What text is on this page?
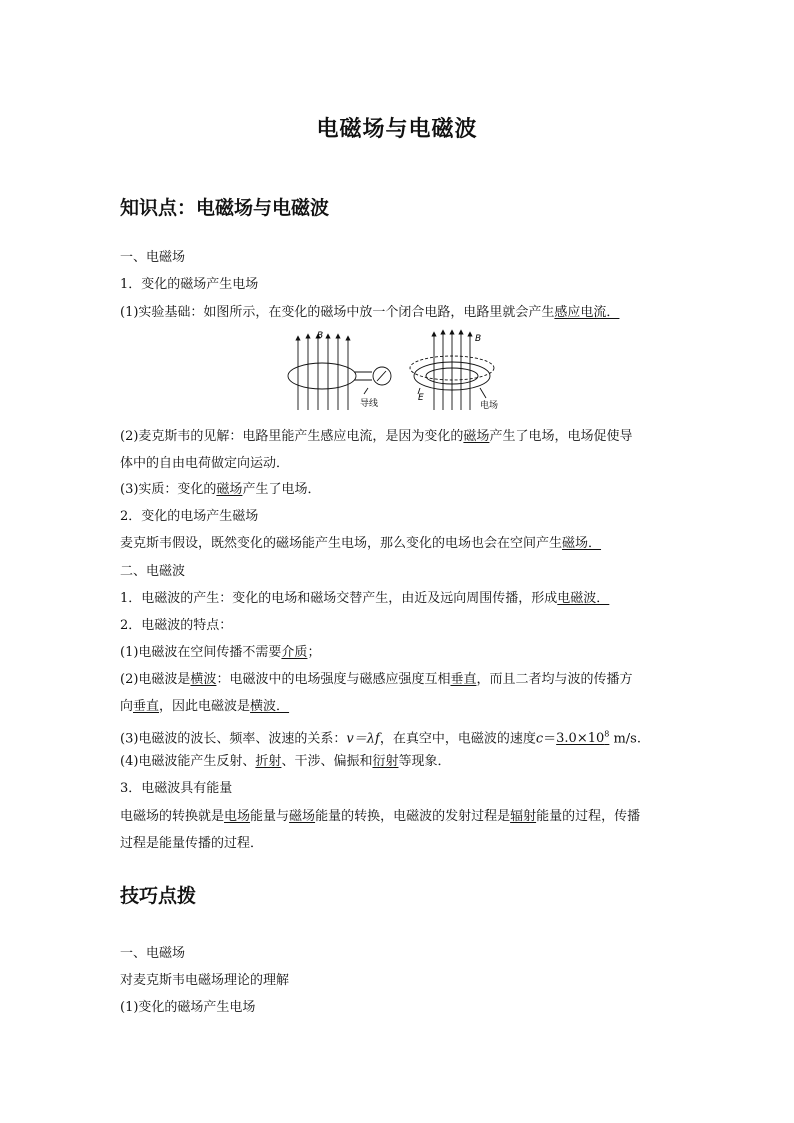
电磁场与电磁波
知识点：电磁场与电磁波
一、电磁场
1．变化的磁场产生电场
(1)实验基础：如图所示，在变化的磁场中放一个闭合电路，电路里就会产生感应电流．
B
导线
B
E
电场
(2)麦克斯韦的见解：电路里能产生感应电流，是因为变化的磁场产生了电场，电场促使导
体中的自由电荷做定向运动．
(3)实质：变化的磁场产生了电场．
2．变化的电场产生磁场
麦克斯韦假设，既然变化的磁场能产生电场，那么变化的电场也会在空间产生磁场．
二、电磁波
1．电磁波的产生：变化的电场和磁场交替产生，由近及远向周围传播，形成电磁波．
2．电磁波的特点：
(1)电磁波在空间传播不需要介质；
(2)电磁波是横波：电磁波中的电场强度与磁感应强度互相垂直，而且二者均与波的传播方
向垂直，因此电磁波是横波．
(3)电磁波的波长、频率、波速的关系：v＝λf，在真空中，电磁波的速度$c=3.0\times 10^8$ m/s.
(4)电磁波能产生反射、折射、干涉、偏振和衍射等现象．
3．电磁波具有能量
电磁场的转换就是电场能量与磁场能量的转换，电磁波的发射过程是辐射能量的过程，传播
过程是能量传播的过程．
技巧点拨
一、电磁场
对麦克斯韦电磁场理论的理解
(1)变化的磁场产生电场
